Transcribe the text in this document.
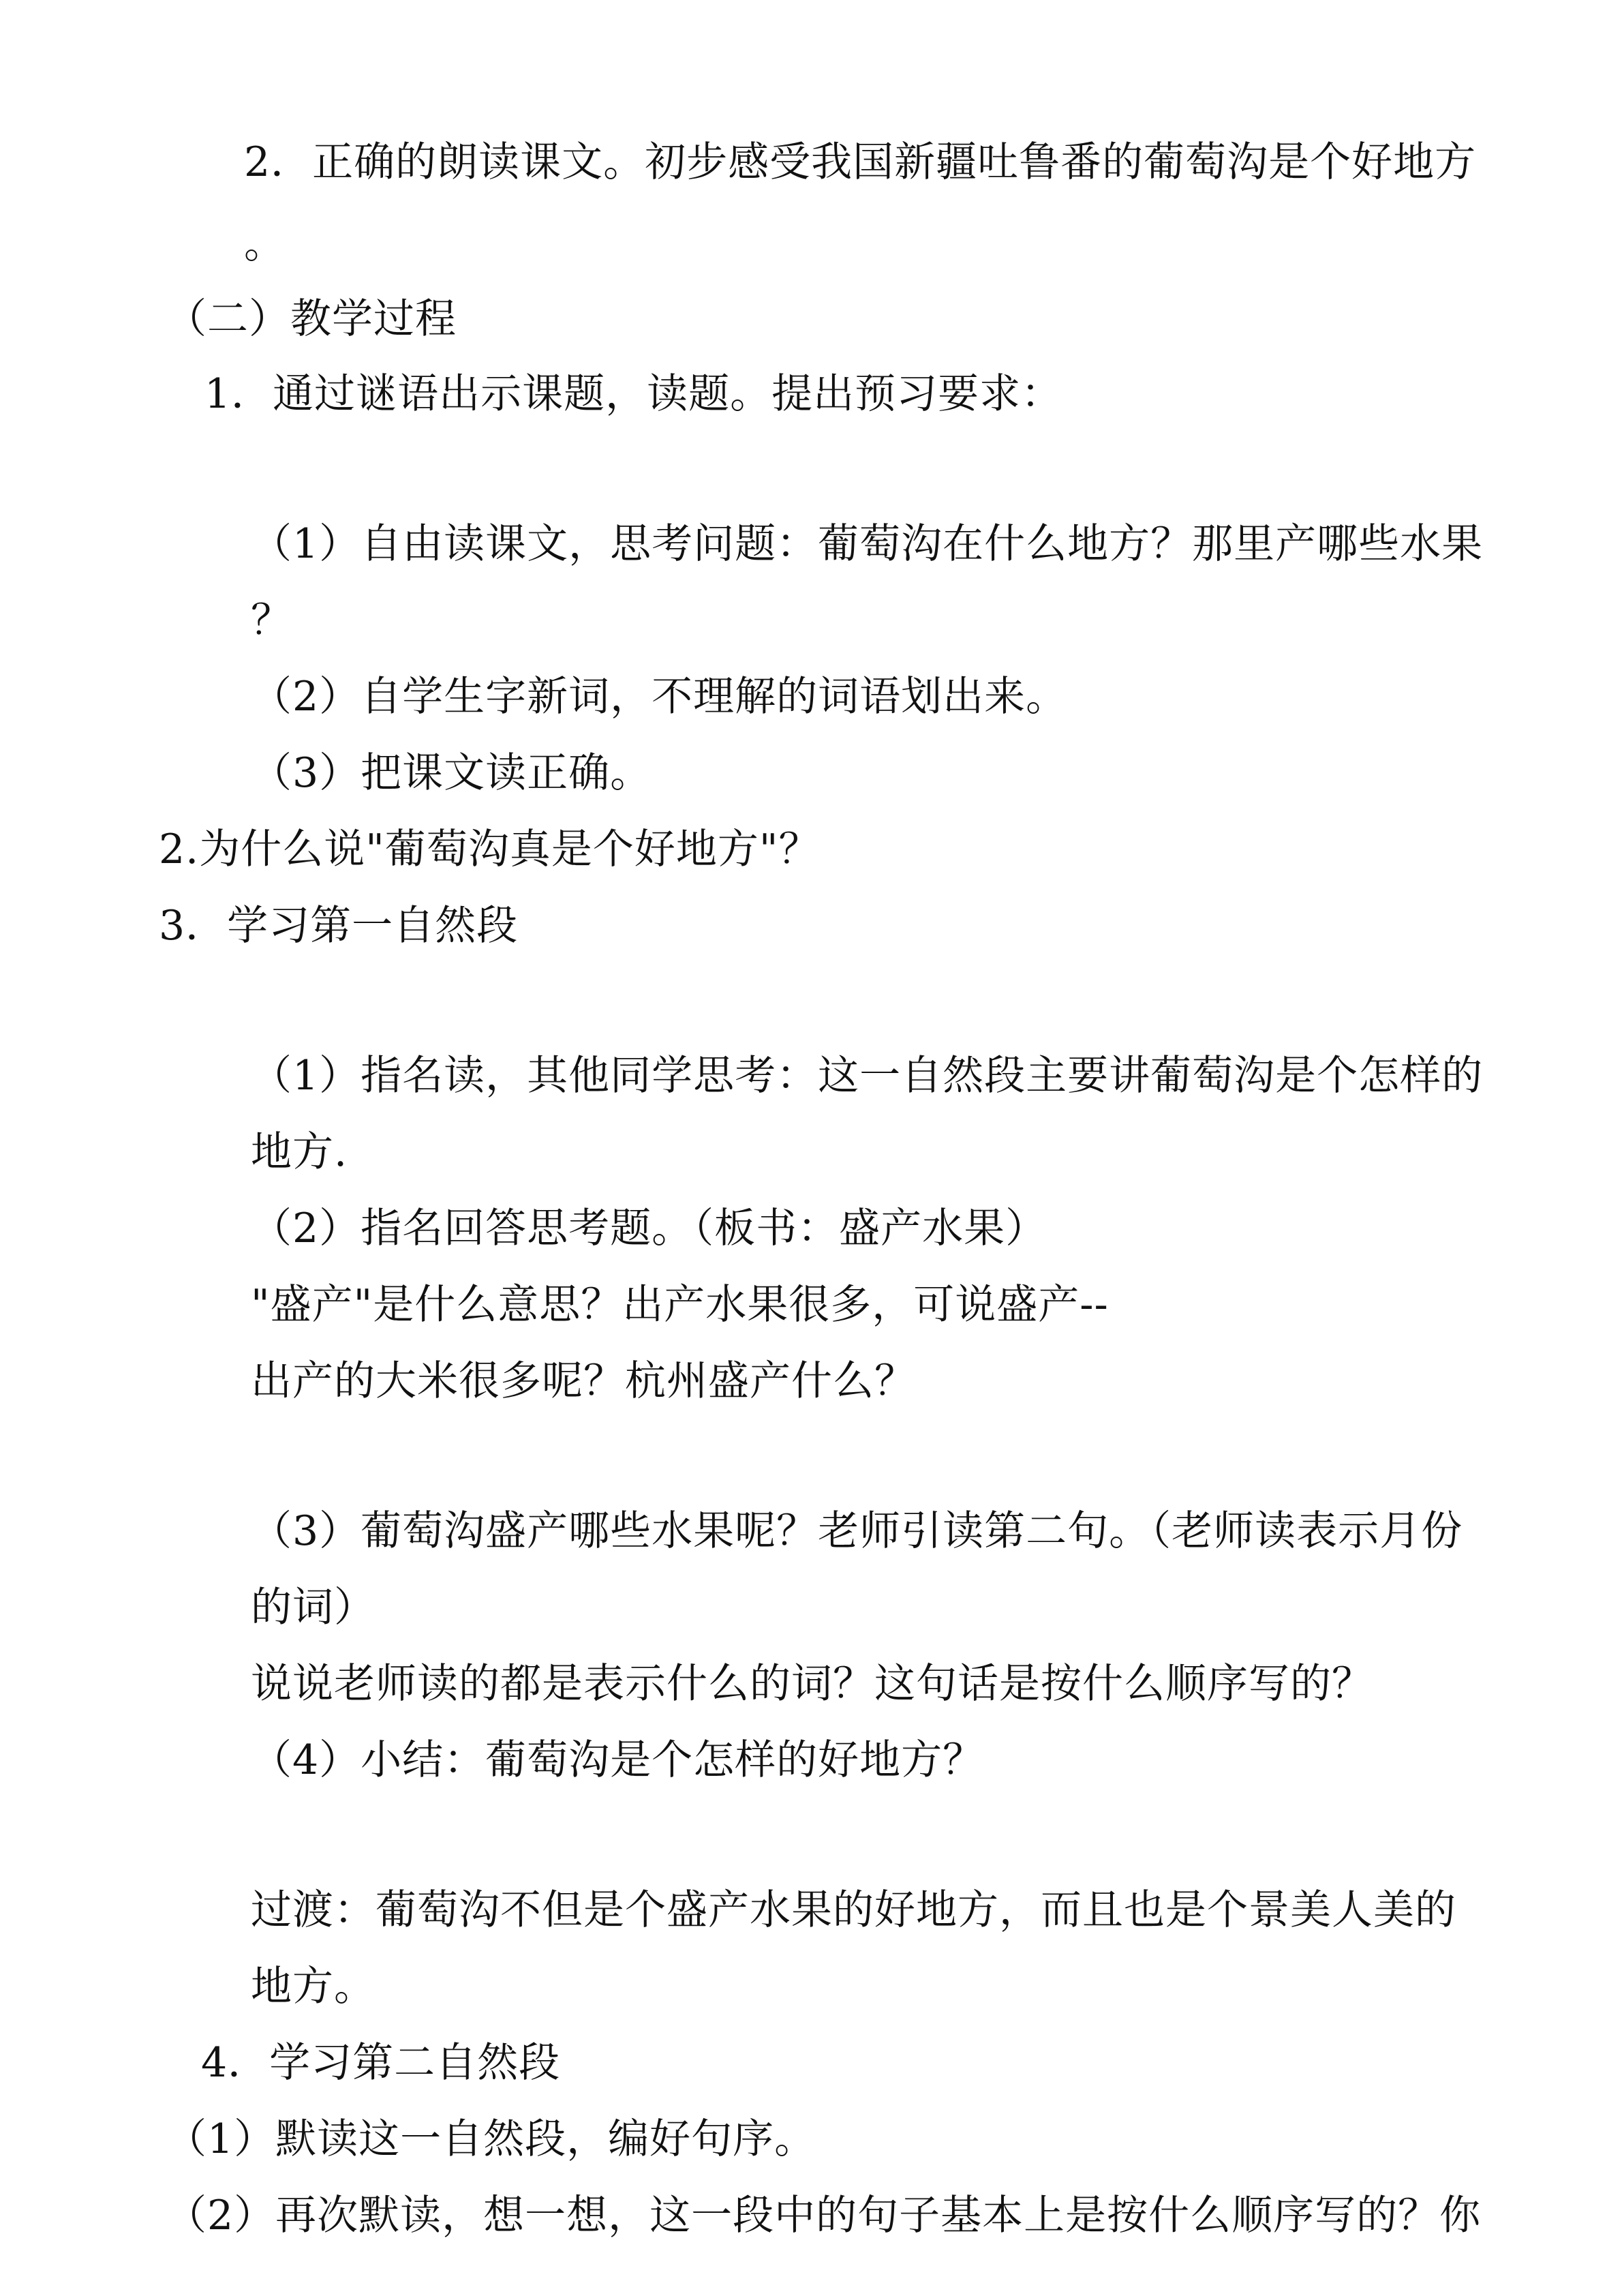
2．正确的朗读课文。初步感受我国新疆吐鲁番的葡萄沟是个好地方
。
（二）教学过程
1．通过谜语出示课题，读题。提出预习要求：
（1）自由读课文，思考问题：葡萄沟在什么地方？那里产哪些水果
？
（2）自学生字新词，不理解的词语划出来。
（3）把课文读正确。
2.为什么说"葡萄沟真是个好地方"？
3．学习第一自然段
（1）指名读，其他同学思考：这一自然段主要讲葡萄沟是个怎样的
地方.
（2）指名回答思考题。（板书：盛产水果）
"盛产"是什么意思？出产水果很多，可说盛产--
出产的大米很多呢？杭州盛产什么？
（3）葡萄沟盛产哪些水果呢？老师引读第二句。（老师读表示月份
的词）
说说老师读的都是表示什么的词？这句话是按什么顺序写的？
（4）小结：葡萄沟是个怎样的好地方？
过渡：葡萄沟不但是个盛产水果的好地方，而且也是个景美人美的
地方。
4．学习第二自然段
（1）默读这一自然段，编好句序。
（2）再次默读，想一想，这一段中的句子基本上是按什么顺序写的？你
